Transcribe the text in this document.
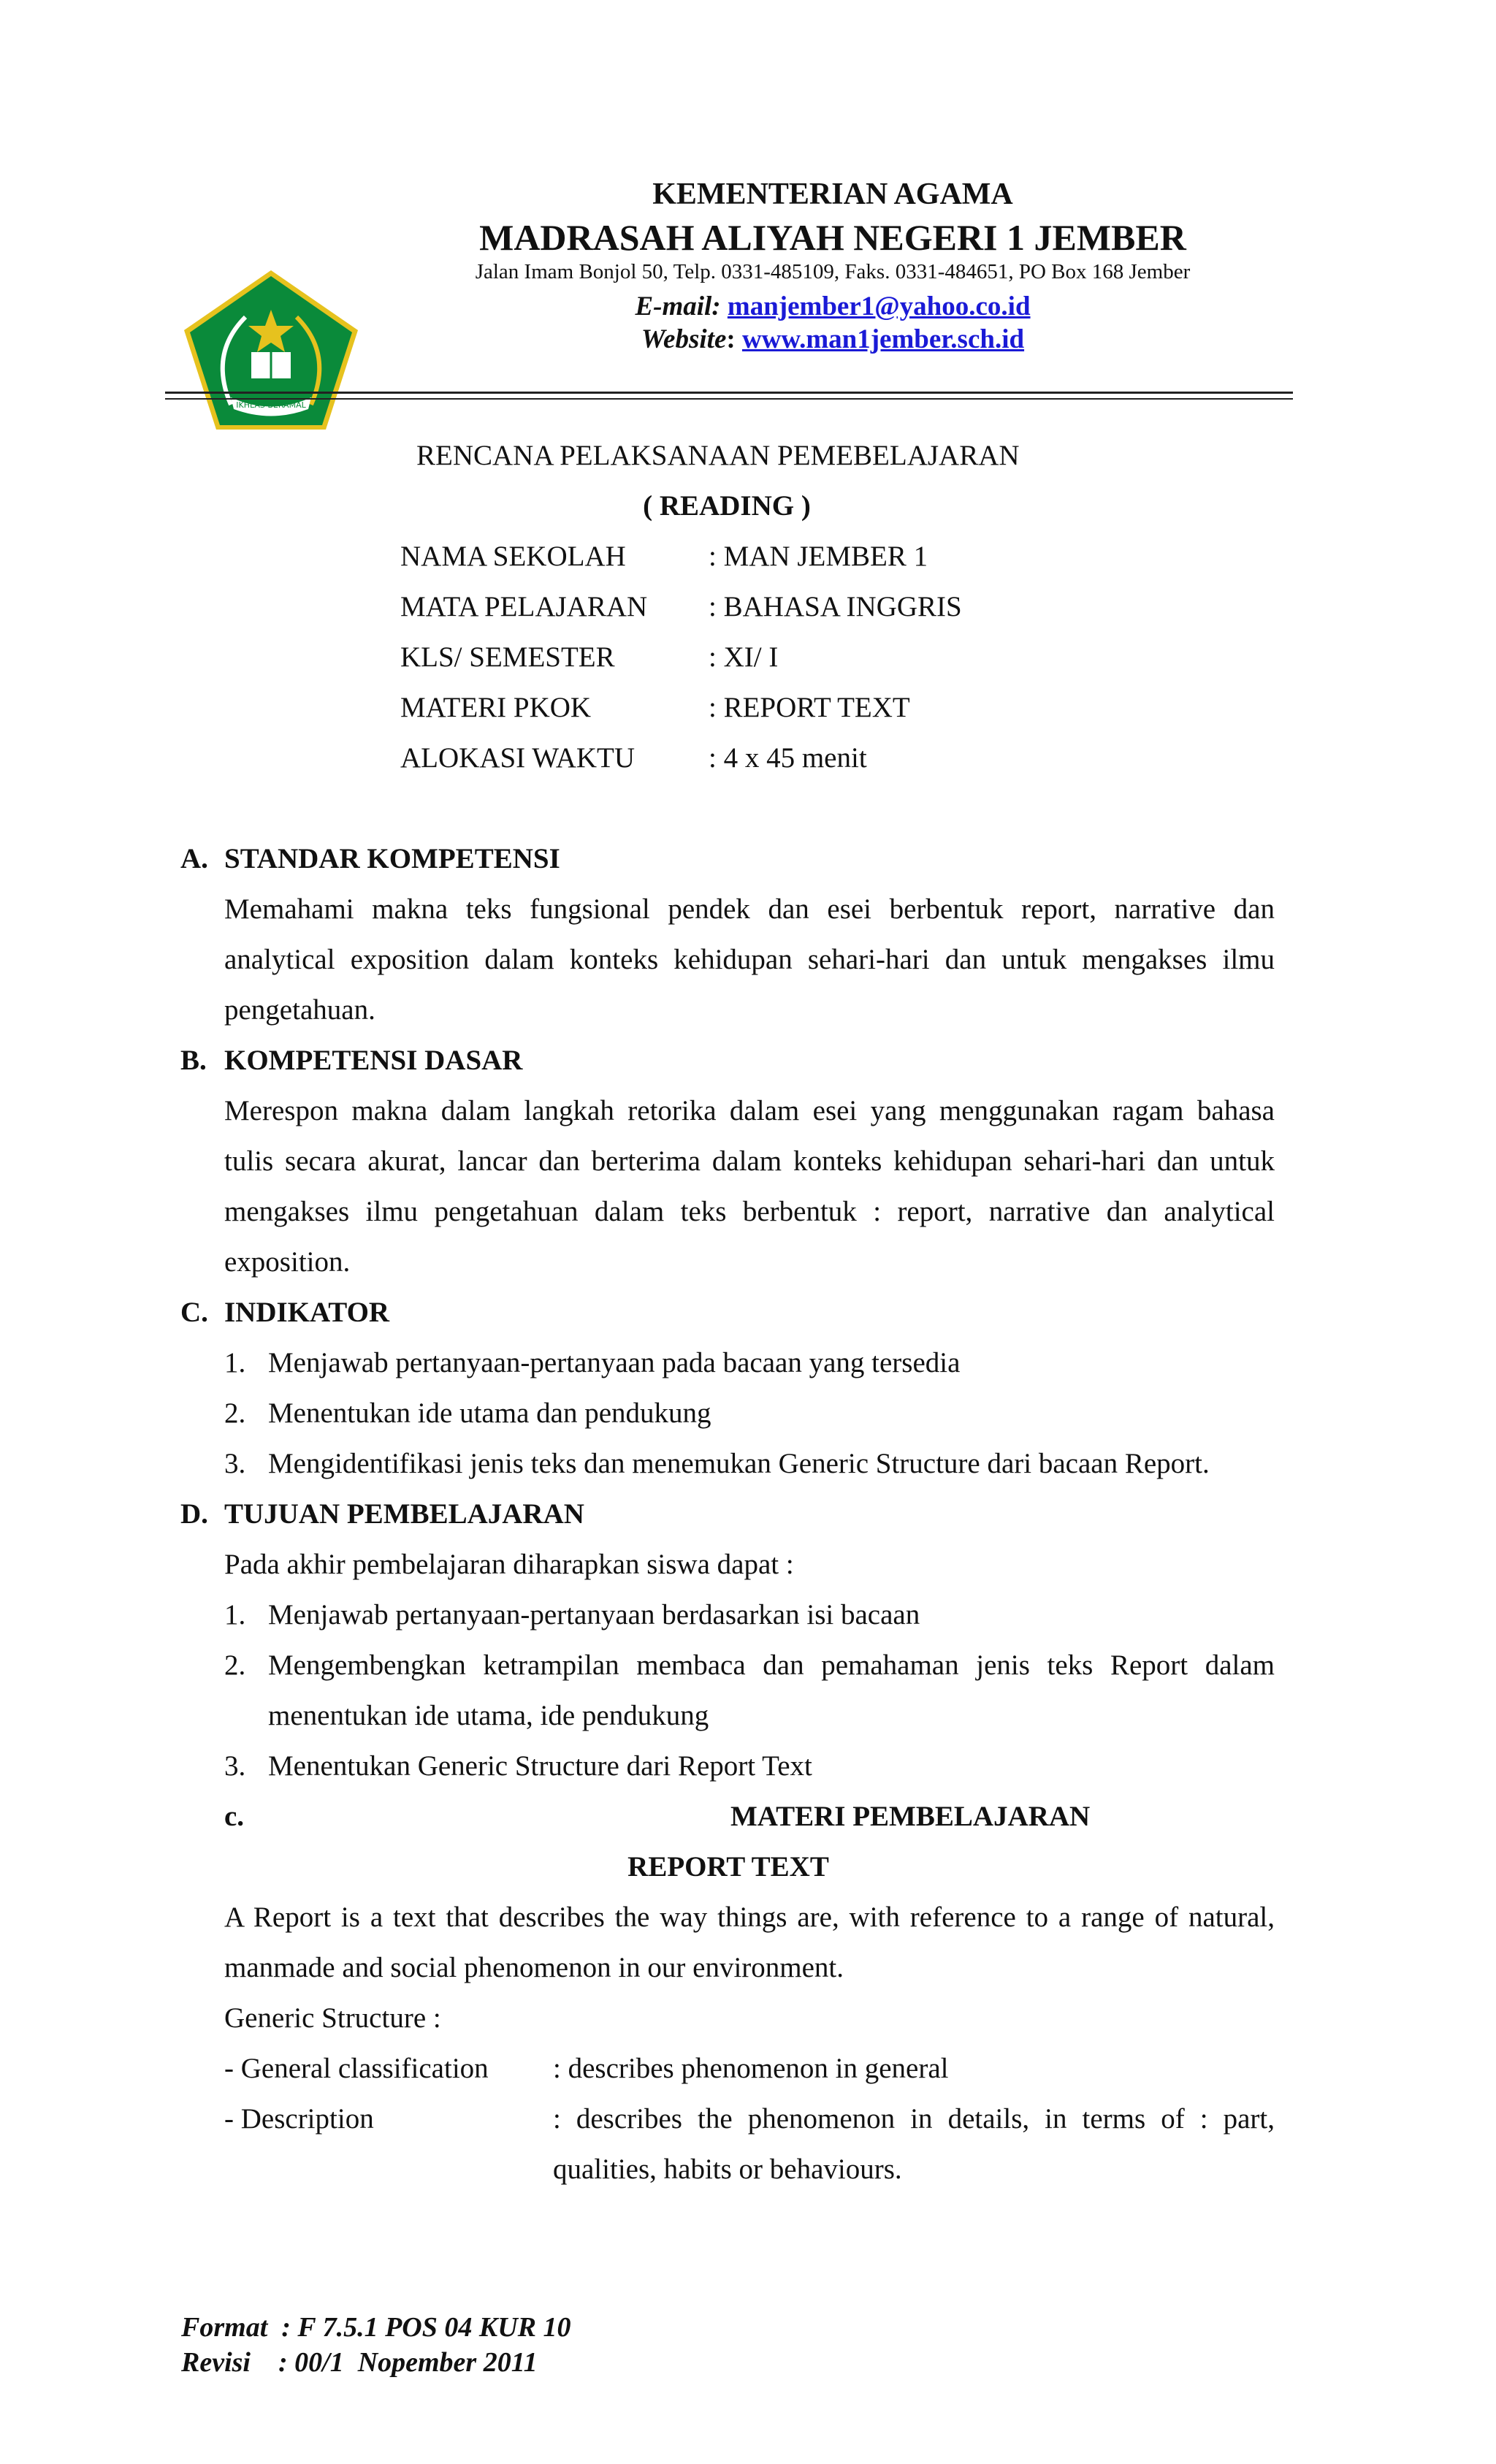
IKHLAS BERAMAL
KEMENTERIAN AGAMA
MADRASAH ALIYAH NEGERI 1 JEMBER
Jalan Imam Bonjol 50, Telp. 0331-485109, Faks. 0331-484651, PO Box 168 Jember
E-mail: manjember1@yahoo.co.id
Website: www.man1jember.sch.id
RENCANA PELAKSANAAN PEMEBELAJARAN
( READING )
NAMA SEKOLAH	: MAN JEMBER 1
MATA PELAJARAN : BAHASA INGGRIS
KLS/ SEMESTER	: XI/ I
MATERI PKOK	: REPORT TEXT
ALOKASI WAKTU	: 4 x 45 menit
A. STANDAR KOMPETENSI
Memahami makna teks fungsional pendek dan esei berbentuk report, narrative dan
analytical exposition dalam konteks kehidupan sehari-hari dan untuk mengakses ilmu
pengetahuan.
B. KOMPETENSI DASAR
Merespon makna dalam langkah retorika dalam esei yang menggunakan ragam bahasa
tulis secara akurat, lancar dan berterima dalam konteks kehidupan sehari-hari dan untuk
mengakses ilmu pengetahuan dalam teks berbentuk : report, narrative dan analytical
exposition.
C. INDIKATOR
1. Menjawab pertanyaan-pertanyaan pada bacaan yang tersedia
2. Menentukan ide utama dan pendukung
3. Mengidentifikasi jenis teks dan menemukan Generic Structure dari bacaan Report.
D. TUJUAN PEMBELAJARAN
Pada akhir pembelajaran diharapkan siswa dapat :
1. Menjawab pertanyaan-pertanyaan berdasarkan isi bacaan
2. Mengembengkan ketrampilan membaca dan pemahaman jenis teks Report dalam
menentukan ide utama, ide pendukung
3. Menentukan Generic Structure dari Report Text
c.	MATERI PEMBELAJARAN
REPORT TEXT
A Report is a text that describes the way things are, with reference to a range of natural,
manmade and social phenomenon in our environment.
Generic Structure :
- General classification : describes phenomenon in general
- Description	: describes the phenomenon in details, in terms of : part,
qualities, habits or behaviours.
Format  : F 7.5.1 POS 04 KUR 10
Revisi    : 00/1  Nopember 2011
